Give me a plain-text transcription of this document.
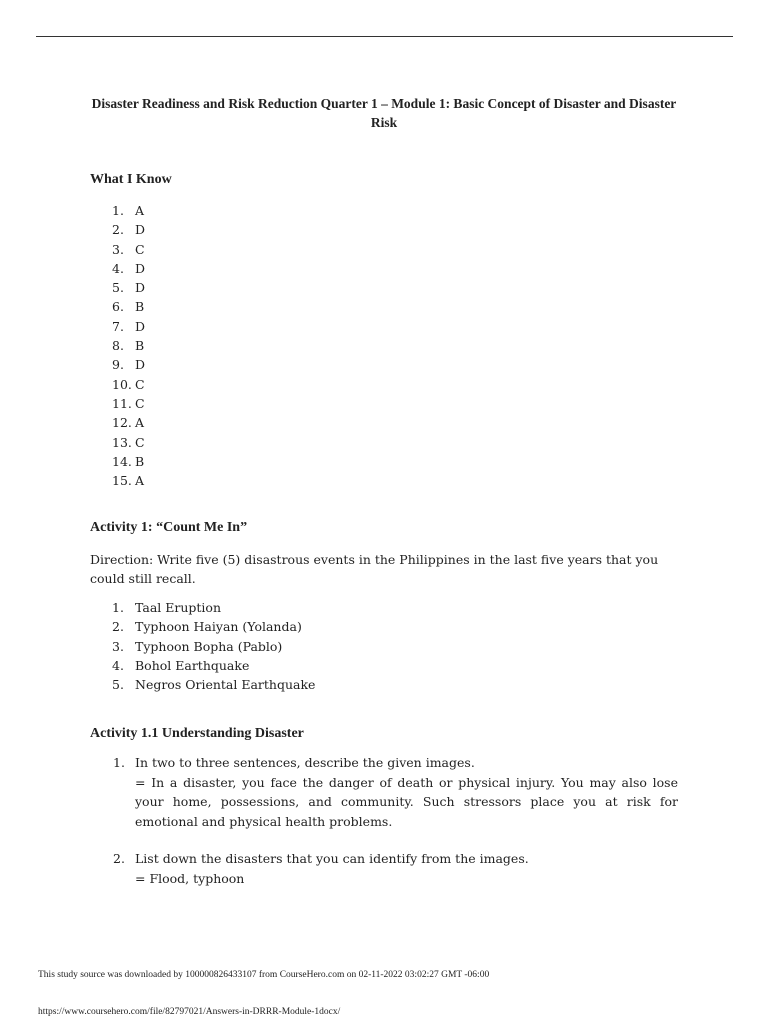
Disaster Readiness and Risk Reduction Quarter 1 – Module 1: Basic Concept of Disaster and Disaster Risk
What I Know
1. A
2. D
3. C
4. D
5. D
6. B
7. D
8. B
9. D
10. C
11. C
12. A
13. C
14. B
15. A
Activity 1: “Count Me In”
Direction: Write five (5) disastrous events in the Philippines in the last five years that you could still recall.
1. Taal Eruption
2. Typhoon Haiyan (Yolanda)
3. Typhoon Bopha (Pablo)
4. Bohol Earthquake
5. Negros Oriental Earthquake
Activity 1.1 Understanding Disaster
1. In two to three sentences, describe the given images.
= In a disaster, you face the danger of death or physical injury. You may also lose your home, possessions, and community. Such stressors place you at risk for emotional and physical health problems.
2. List down the disasters that you can identify from the images.
= Flood, typhoon
This study source was downloaded by 100000826433107 from CourseHero.com on 02-11-2022 03:02:27 GMT -06:00
https://www.coursehero.com/file/82797021/Answers-in-DRRR-Module-1docx/
